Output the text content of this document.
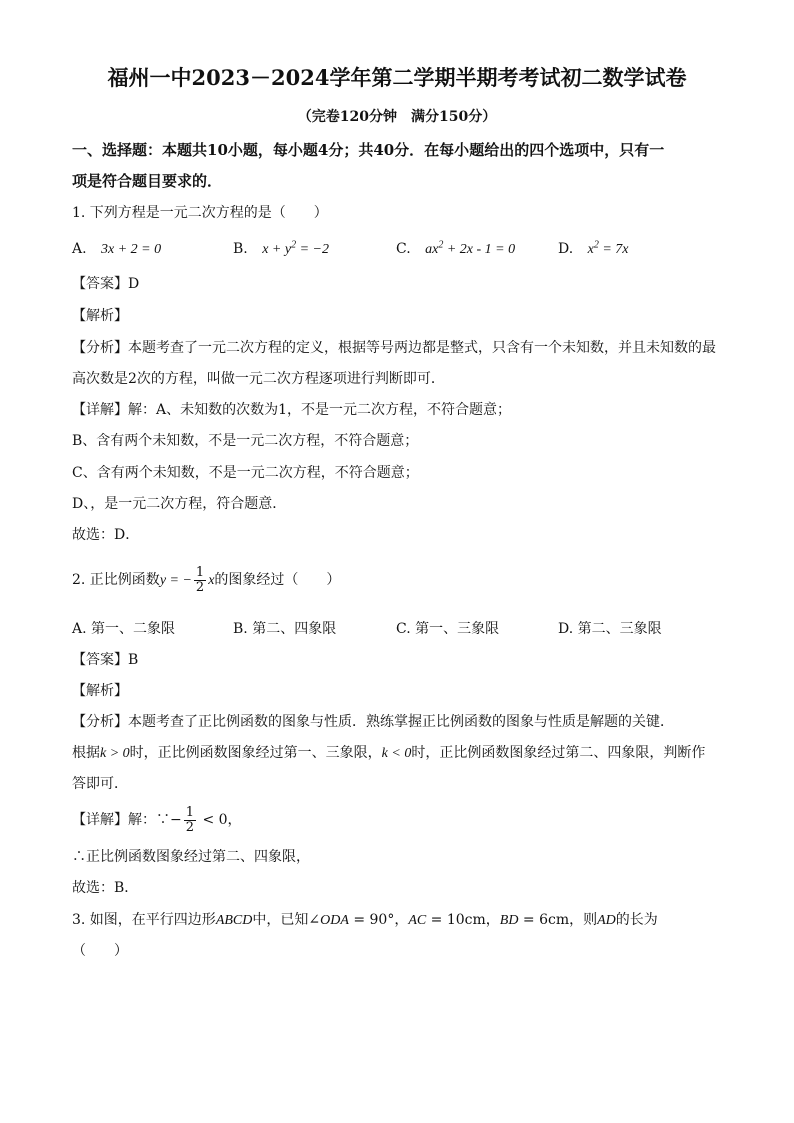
福州一中2023－2024学年第二学期半期考考试初二数学试卷
（完卷120分钟　满分150分）
一、选择题：本题共10小题，每小题4分；共40分．在每小题给出的四个选项中，只有一
项是符合题目要求的．
1. 下列方程是一元二次方程的是（　　）
A. 3x + 2 = 0	B. $x + y^2 = -2$	C. $ax^2 + 2x - 1 = 0$	D. $x^2 = 7x$
【答案】D
【解析】
【分析】本题考查了一元二次方程的定义，根据等号两边都是整式，只含有一个未知数，并且未知数的最
高次数是2次的方程，叫做一元二次方程逐项进行判断即可．
【详解】解：A、未知数的次数为1，不是一元二次方程，不符合题意；
B、含有两个未知数，不是一元二次方程，不符合题意；
C、含有两个未知数，不是一元二次方程，不符合题意；
D、，是一元二次方程，符合题意．
故选：D．
2. 正比例函数y = − $\frac{1}{2}$ x的图象经过（　　）
A. 第一、二象限	B. 第二、四象限	C. 第一、三象限	D. 第二、三象限
【答案】B
【解析】
【分析】本题考查了正比例函数的图象与性质．熟练掌握正比例函数的图象与性质是解题的关键．
根据k > 0时，正比例函数图象经过第一、三象限，k < 0时，正比例函数图象经过第二、四象限，判断作
答即可．
【详解】解：∵− $\frac{1}{2} < 0$，
∴正比例函数图象经过第二、四象限，
故选：B．
3. 如图，在平行四边形ABCD中，已知∠ODA = 90°，AC = 10cm，BD = 6cm，则AD的长为
（　　）
